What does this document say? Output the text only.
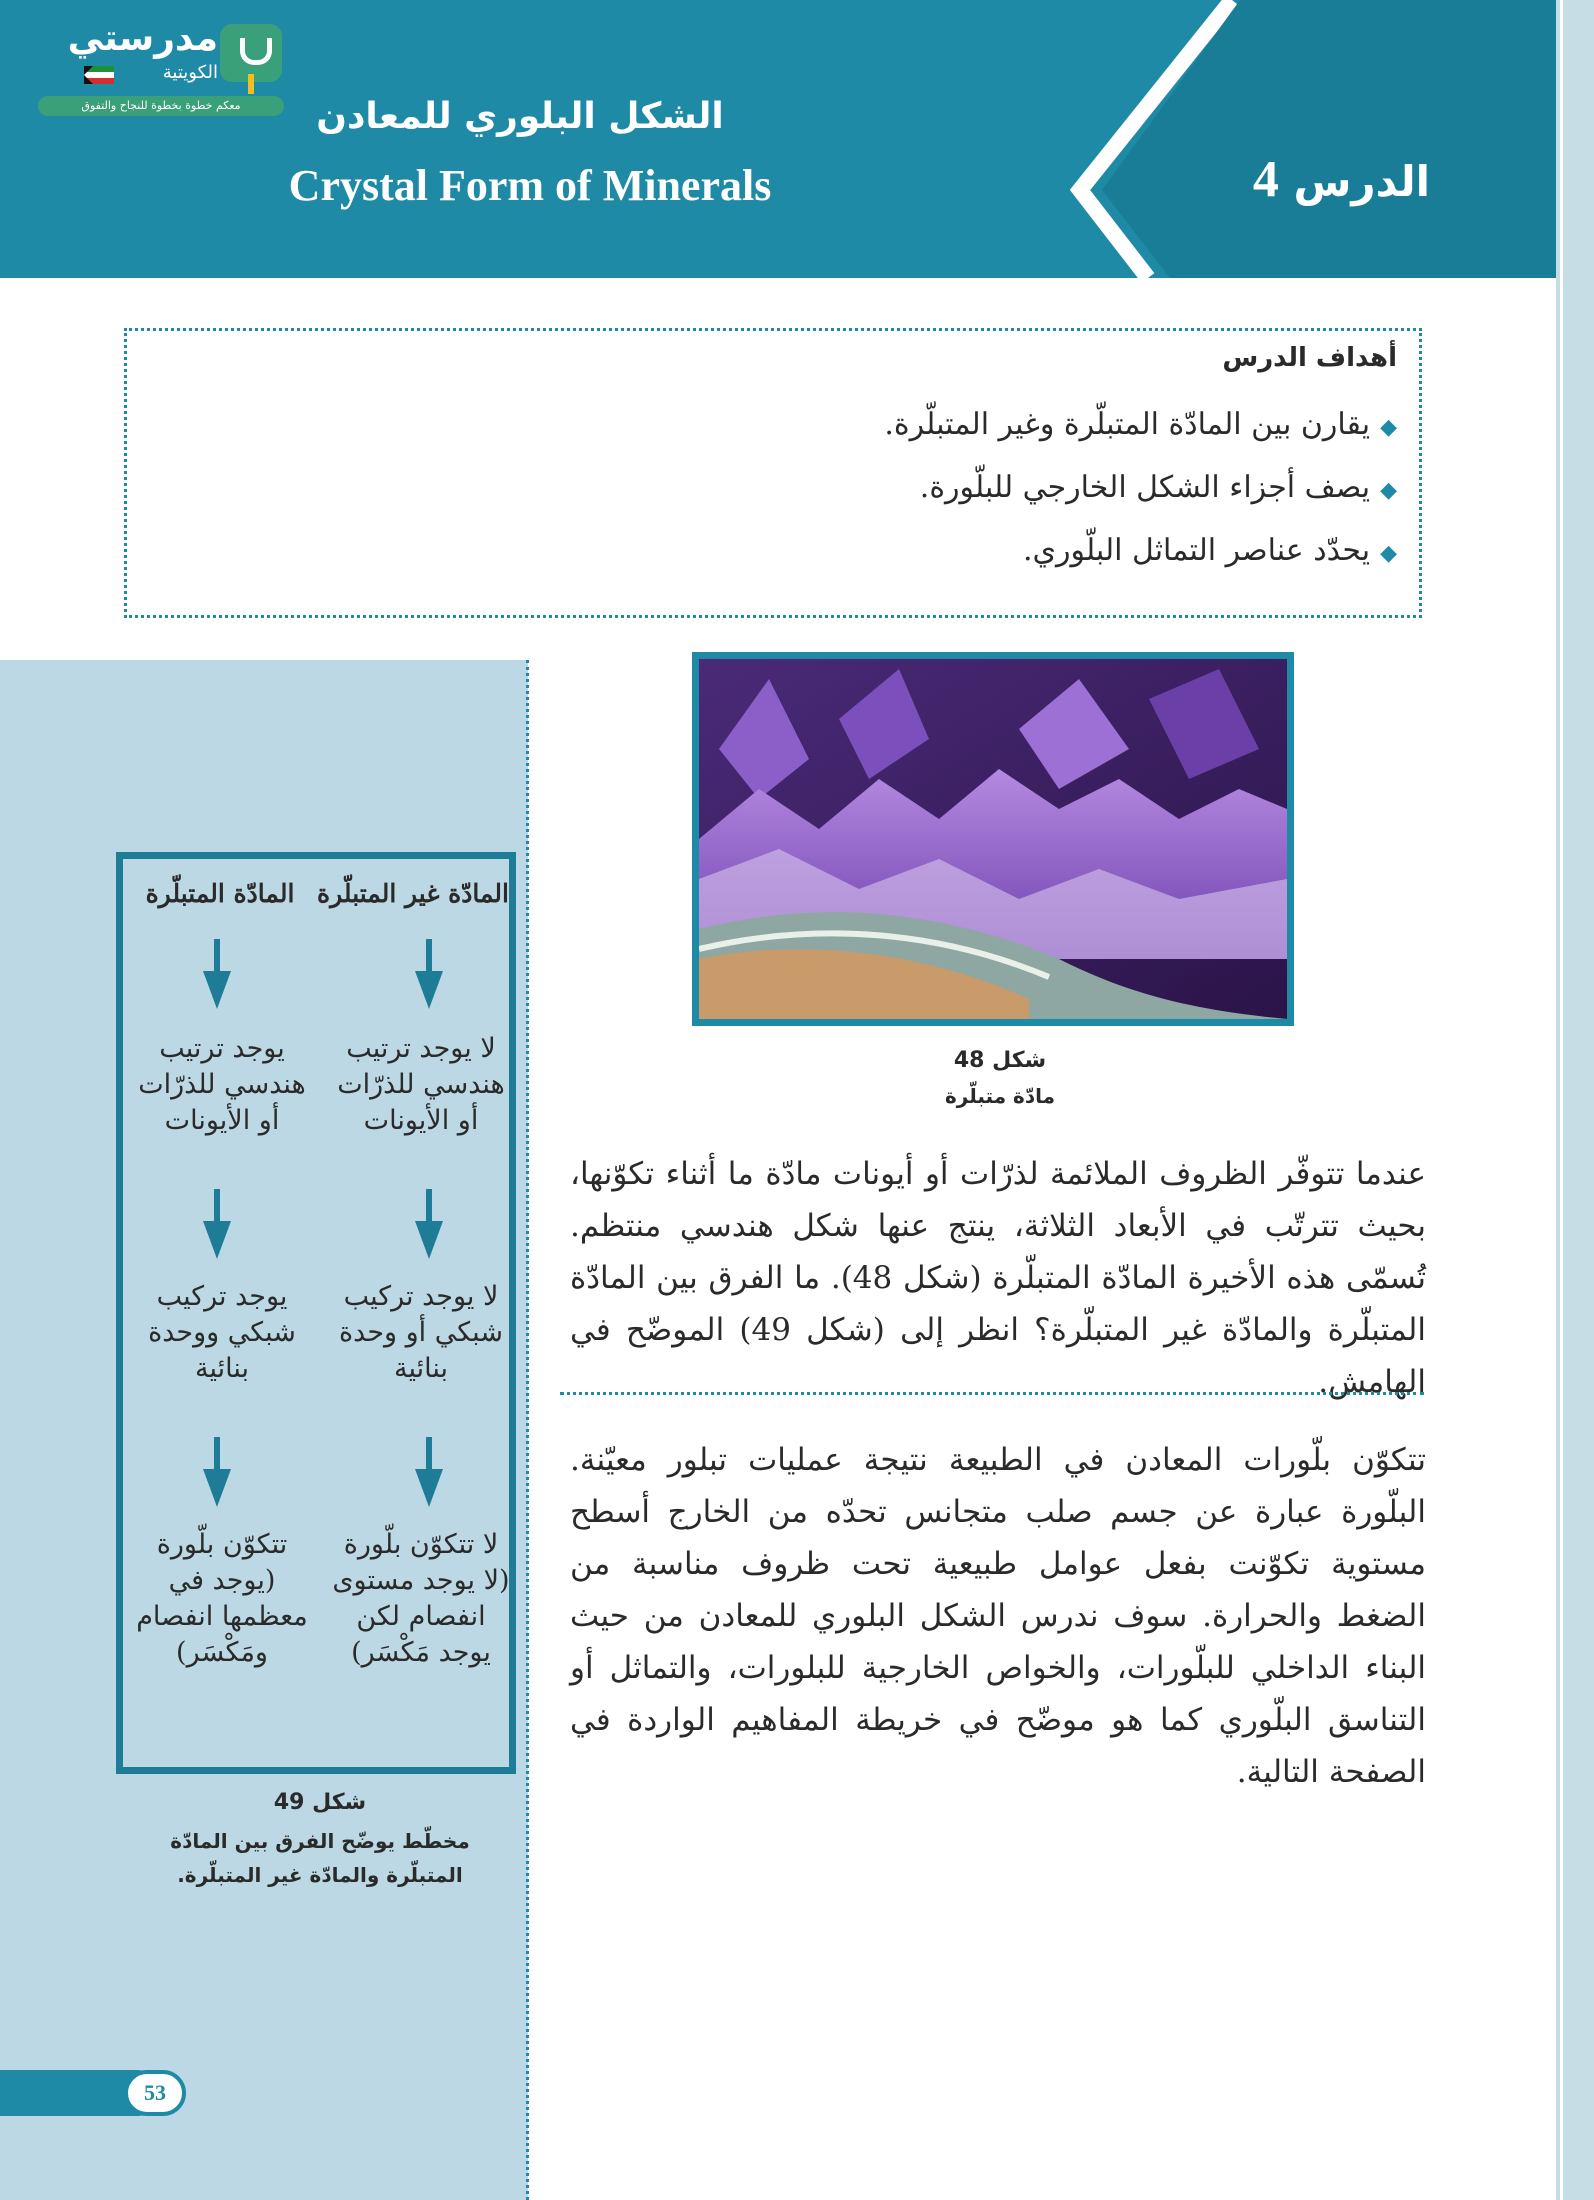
الدرس 4
الشكل البلوري للمعادن
Crystal Form of Minerals
مدرستي
الكويتية
معكم خطوة بخطوة للنجاح والتفوق
أهداف الدرس
◆يقارن بين المادّة المتبلّرة وغير المتبلّرة.
◆يصف أجزاء الشكل الخارجي للبلّورة.
◆يحدّد عناصر التماثل البلّوري.
شكل 48
مادّة متبلّرة
عندما تتوفّر الظروف الملائمة لذرّات أو أيونات مادّة ما أثناء تكوّنها، بحيث تترتّب في الأبعاد الثلاثة، ينتج عنها شكل هندسي منتظم. تُسمّى هذه الأخيرة المادّة المتبلّرة (شكل 48). ما الفرق بين المادّة المتبلّرة والمادّة غير المتبلّرة؟ انظر إلى (شكل 49) الموضّح في الهامش.
تتكوّن بلّورات المعادن في الطبيعة نتيجة عمليات تبلور معيّنة. البلّورة عبارة عن جسم صلب متجانس تحدّه من الخارج أسطح مستوية تكوّنت بفعل عوامل طبيعية تحت ظروف مناسبة من الضغط والحرارة. سوف ندرس الشكل البلوري للمعادن من حيث البناء الداخلي للبلّورات، والخواص الخارجية للبلورات، والتماثل أو التناسق البلّوري كما هو موضّح في خريطة المفاهيم الواردة في الصفحة التالية.
المادّة غير المتبلّرة
المادّة المتبلّرة
لا يوجد ترتيب هندسي للذرّات أو الأيونات
يوجد ترتيب هندسي للذرّات أو الأيونات
لا يوجد تركيب شبكي أو وحدة بنائية
يوجد تركيب شبكي ووحدة بنائية
لا تتكوّن بلّورة (لا يوجد مستوى انفصام لكن يوجد مَكْسَر)
تتكوّن بلّورة (يوجد في معظمها انفصام ومَكْسَر)
شكل 49
مخطّط يوضّح الفرق بين المادّة المتبلّرة والمادّة غير المتبلّرة.
53
